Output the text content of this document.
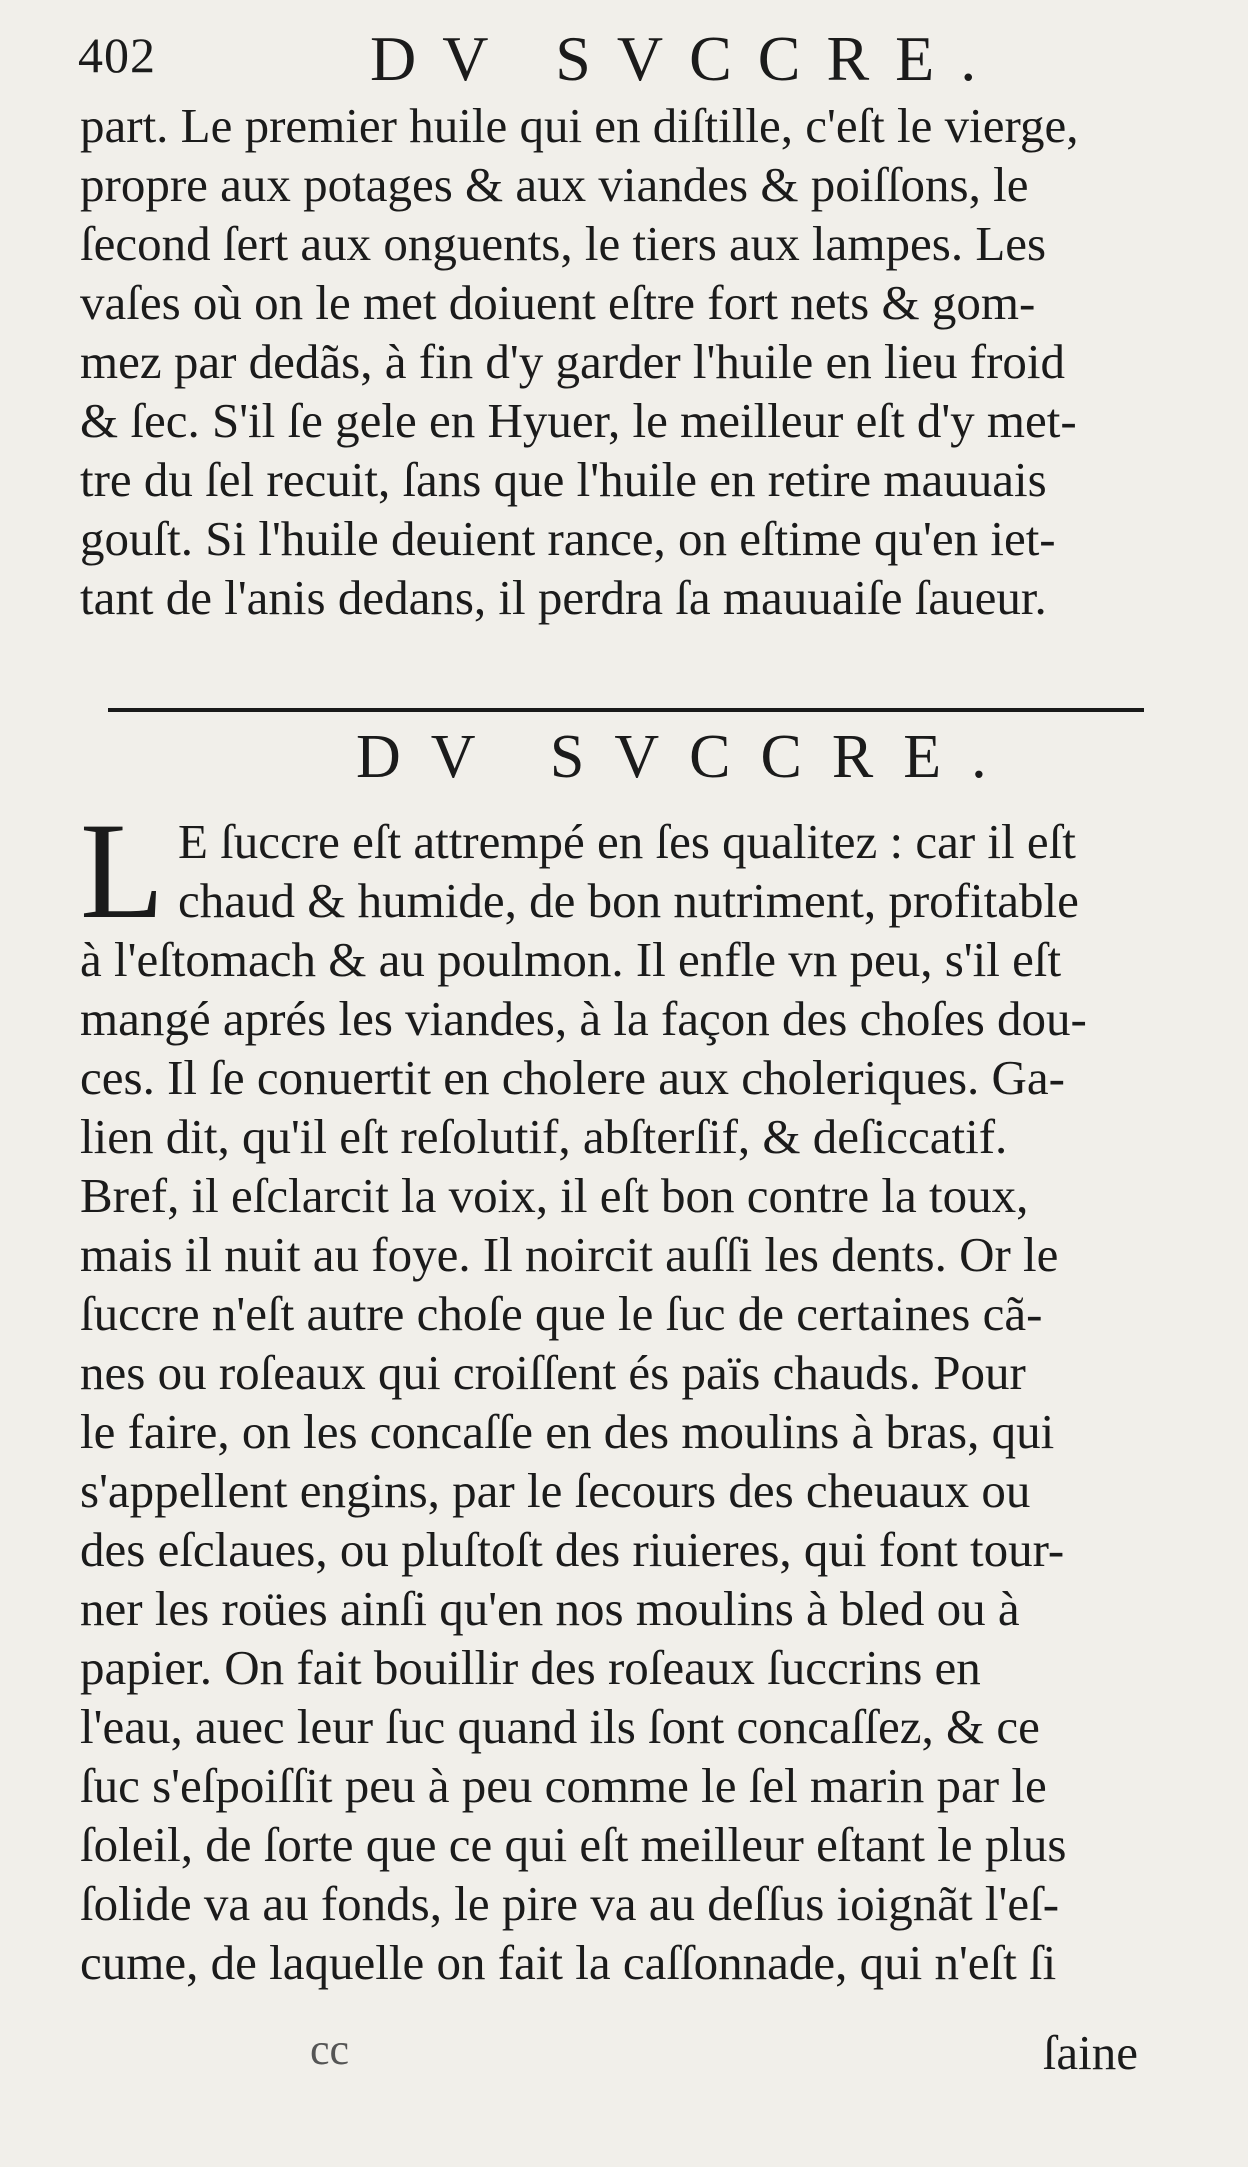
402	DV SVCCRE.
part. Le premier huile qui en diſtille, c'eſt le vierge,
propre aux potages & aux viandes & poiſſons, le
ſecond ſert aux onguents, le tiers aux lampes. Les
vaſes où on le met doiuent eſtre fort nets & gom-
mez par dedãs, à fin d'y garder l'huile en lieu froid
& ſec. S'il ſe gele en Hyuer, le meilleur eſt d'y met-
tre du ſel recuit, ſans que l'huile en retire mauuais
gouſt. Si l'huile deuient rance, on eſtime qu'en iet-
tant de l'anis dedans, il perdra ſa mauuaiſe ſaueur.
DV SVCCRE.
L E ſuccre eſt attrempé en ſes qualitez : car il eſt
chaud & humide, de bon nutriment, profitable
à l'eſtomach & au poulmon. Il enfle vn peu, s'il eſt
mangé aprés les viandes, à la façon des choſes dou-
ces. Il ſe conuertit en cholere aux choleriques. Ga-
lien dit, qu'il eſt reſolutif, abſterſif, & deſiccatif.
Bref, il eſclarcit la voix, il eſt bon contre la toux,
mais il nuit au foye. Il noircit auſſi les dents. Or le
ſuccre n'eſt autre choſe que le ſuc de certaines cã-
nes ou roſeaux qui croiſſent és païs chauds. Pour
le faire, on les concaſſe en des moulins à bras, qui
s'appellent engins, par le ſecours des cheuaux ou
des eſclaues, ou pluſtoſt des riuieres, qui font tour-
ner les roües ainſi qu'en nos moulins à bled ou à
papier. On fait bouillir des roſeaux ſuccrins en
l'eau, auec leur ſuc quand ils ſont concaſſez, & ce
ſuc s'eſpoiſſit peu à peu comme le ſel marin par le
ſoleil, de ſorte que ce qui eſt meilleur eſtant le plus
ſolide va au fonds, le pire va au deſſus ioignãt l'eſ-
cume, de laquelle on fait la caſſonnade, qui n'eſt ſi
cc	ſaine
